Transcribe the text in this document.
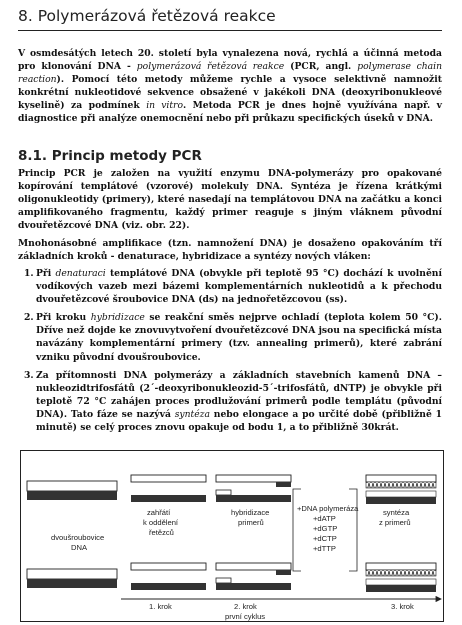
8. Polymerázová řetězová reakce
V osmdesátých letech 20. století byla vynalezena nová, rychlá a účinná metoda pro klonování DNA - polymerázová řetězová reakce (PCR, angl. polymerase chain reaction). Pomocí této metody můžeme rychle a vysoce selektivně namnožit konkrétní nukleotidové sekvence obsažené v jakékoli DNA (deoxyribonukleové kyselině) za podmínek in vitro. Metoda PCR je dnes hojně využívána např. v diagnostice při analýze onemocnění nebo při průkazu specifických úseků v DNA.
8.1. Princip metody PCR
Princip PCR je založen na využití enzymu DNA-polymerázy pro opakované kopírování templátové (vzorové) molekuly DNA. Syntéza je řízena krátkými oligonukleotidy (primery), které nasedají na templátovou DNA na začátku a konci amplifikovaného fragmentu, každý primer reaguje s jiným vláknem původní dvouřetězcové DNA (viz. obr. 22).
Mnohonásobné amplifikace (tzn. namnožení DNA) je dosaženo opakováním tří základních kroků - denaturace, hybridizace a syntézy nových vláken:
1. Při denaturaci templátové DNA (obvykle při teplotě 95 °C) dochází k uvolnění vodíkových vazeb mezi bázemi komplementárních nukleotidů a k přechodu dvouřetězcové šroubovice DNA (ds) na jednořetězcovou (ss).
2. Při kroku hybridizace se reakční směs nejprve ochladí (teplota kolem 50 °C). Dříve než dojde ke znovuvytvoření dvouřetězcové DNA jsou na specifická místa navázány komplementární primery (tzv. annealing primerů), které zabrání vzniku původní dvoušroubovice.
3. Za přítomnosti DNA polymerázy a základních stavebních kamenů DNA – nukleozidtrifosfátů (2´-deoxyribonukleozid-5´-trifosfátů, dNTP) je obvykle při teplotě 72 °C zahájen proces prodlužování primerů podle templátu (původní DNA). Tato fáze se nazývá syntéza nebo elongace a po určité době (přibližně 1 minutě) se celý proces znovu opakuje od bodu 1, a to přibližně 30krát.
dvoušroubovice
DNA
zahřátí
k oddělení
řetězců
hybridizace
primerů
+DNA polymeráza
+dATP
+dGTP
+dCTP
+dTTP
syntéza
z primerů
1. krok	2. krok	3. krok
první cyklus
